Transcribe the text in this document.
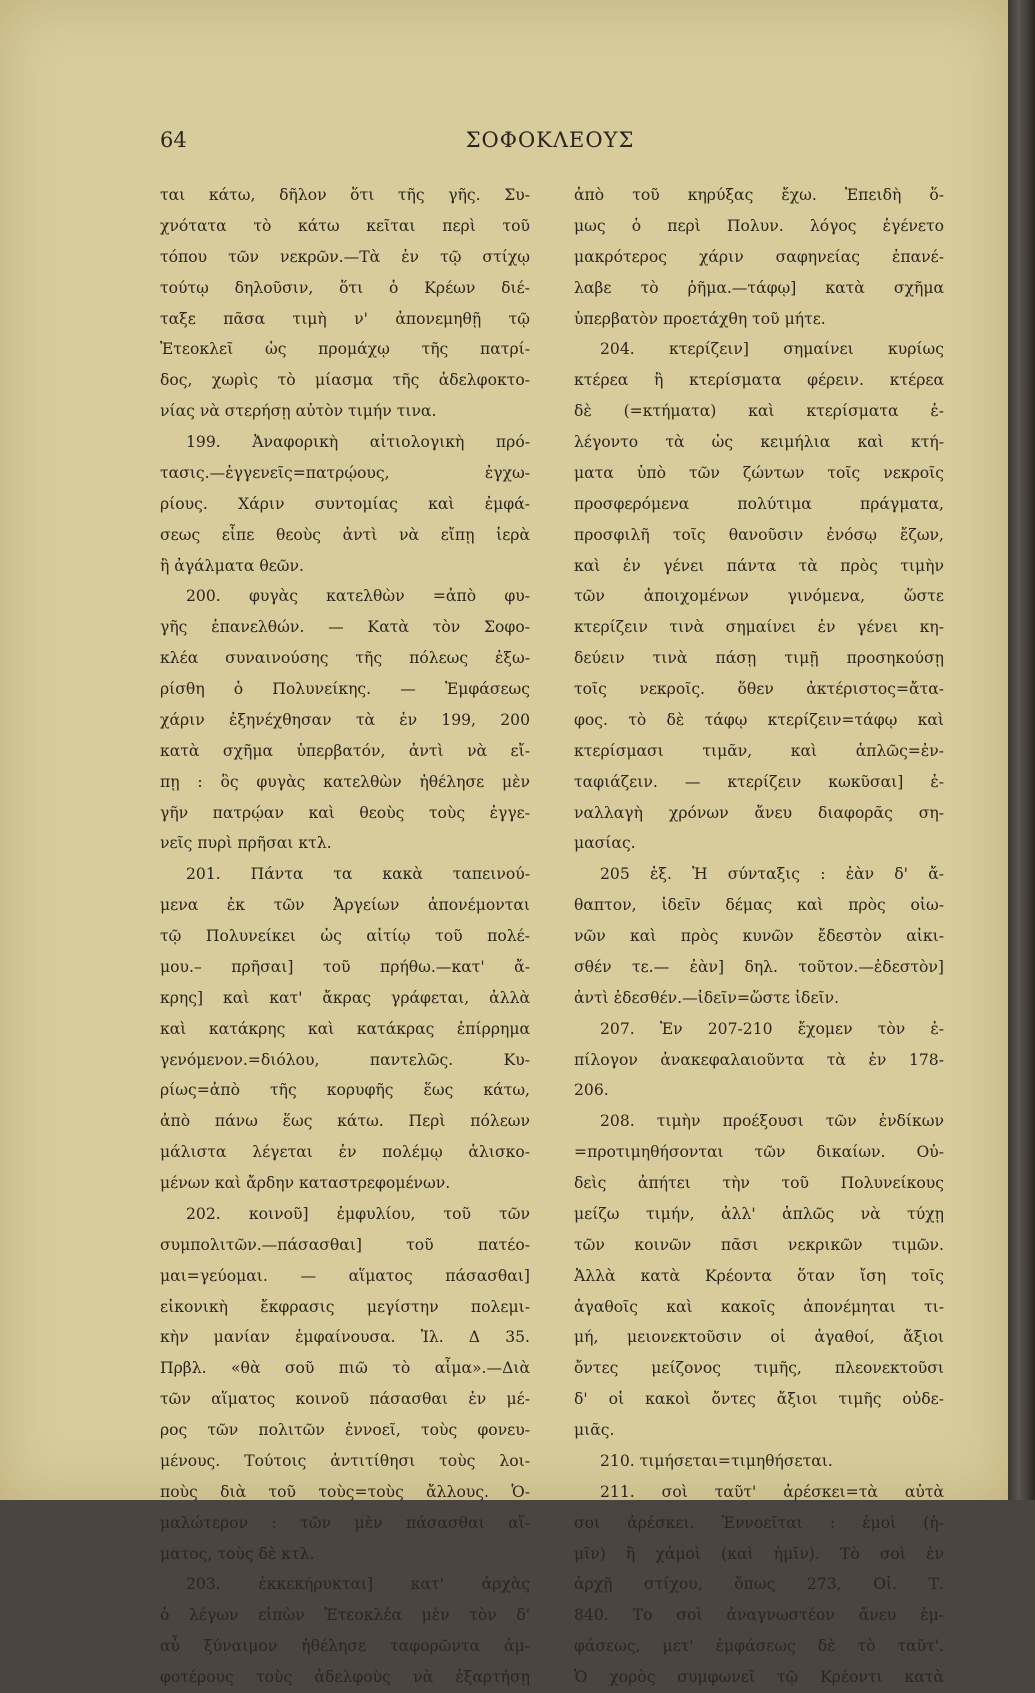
64	ΣΟΦΟΚΛΕΟΥΣ
ται κάτω, δῆλον ὅτι τῆς γῆς. Συ-
χνότατα τὸ κάτω κεῖται περὶ τοῦ
τόπου τῶν νεκρῶν.—Τὰ ἐν τῷ στίχῳ
τούτῳ δηλοῦσιν, ὅτι ὁ Κρέων διέ-
ταξε πᾶσα τιμὴ ν' ἀπονεμηθῇ τῷ
Ἐτεοκλεῖ ὡς προμάχῳ τῆς πατρί-
δος, χωρὶς τὸ μίασμα τῆς ἀδελφοκτο-
νίας νὰ στερήσῃ αὐτὸν τιμήν τινα.
199. Ἀναφορικὴ αἰτιολογικὴ πρό-
τασις.—ἐγγενεῖς=πατρῴους, ἐγχω-
ρίους. Χάριν συντομίας καὶ ἐμφά-
σεως εἶπε θεοὺς ἀντὶ νὰ εἴπῃ ἱερὰ
ἢ ἀγάλματα θεῶν.
200. φυγὰς κατελθὼν =ἀπὸ φυ-
γῆς ἐπανελθών. — Κατὰ τὸν Σοφο-
κλέα συναινούσης τῆς πόλεως ἐξω-
ρίσθη ὁ Πολυνείκης. — Ἐμφάσεως
χάριν ἐξηνέχθησαν τὰ ἐν 199, 200
κατὰ σχῆμα ὑπερβατόν, ἀντὶ νὰ εἴ-
πῃ : ὃς φυγὰς κατελθὼν ἠθέλησε μὲν
γῆν πατρῴαν καὶ θεοὺς τοὺς ἐγγε-
νεῖς πυρὶ πρῆσαι κτλ.
201. Πάντα τα κακὰ ταπεινού-
μενα ἐκ τῶν Ἀργείων ἀπονέμονται
τῷ Πολυνείκει ὡς αἰτίῳ τοῦ πολέ-
μου.– πρῆσαι] τοῦ πρήθω.—κατ' ἄ-
κρης] καὶ κατ' ἄκρας γράφεται, ἀλλὰ
καὶ κατάκρης καὶ κατάκρας ἐπίρρημα
γενόμενον.=διόλου, παντελῶς. Κυ-
ρίως=ἀπὸ τῆς κορυφῆς ἕως κάτω,
ἀπὸ πάνω ἕως κάτω. Περὶ πόλεων
μάλιστα λέγεται ἐν πολέμῳ ἁλισκο-
μένων καὶ ἄρδην καταστρεφομένων.
202. κοινοῦ] ἐμφυλίου, τοῦ τῶν
συμπολιτῶν.—πάσασθαι] τοῦ πατέο-
μαι=γεύομαι. — αἵματος πάσασθαι]
εἰκονικὴ ἔκφρασις μεγίστην πολεμι-
κὴν μανίαν ἐμφαίνουσα. Ἰλ. Δ 35.
Πρβλ. «θὰ σοῦ πιῶ τὸ αἷμα».—Διὰ
τῶν αἵματος κοινοῦ πάσασθαι ἐν μέ-
ρος τῶν πολιτῶν ἐννοεῖ, τοὺς φονευ-
μένους. Τούτοις ἀντιτίθησι τοὺς λοι-
ποὺς διὰ τοῦ τοὺς=τοὺς ἄλλους. Ὁ-
μαλώτερον : τῶν μὲν πάσασθαι αἵ-
ματος, τοὺς δὲ κτλ.
203. ἐκκεκήρυκται] κατ' ἀρχὰς
ὁ λέγων εἰπὼν Ἐτεοκλέα μὲν τὸν δ'
αὖ ξύναιμον ἠθέλησε ταφορῶντα ἀμ-
φοτέρους τοὺς ἀδελφοὺς νὰ ἐξαρτήσῃ
ἀπὸ τοῦ κηρύξας ἔχω. Ἐπειδὴ ὅ-
μως ὁ περὶ Πολυν. λόγος ἐγένετο
μακρότερος χάριν σαφηνείας ἐπανέ-
λαβε τὸ ῥῆμα.—τάφῳ] κατὰ σχῆμα
ὑπερβατὸν προετάχθη τοῦ μήτε.
204. κτερίζειν] σημαίνει κυρίως
κτέρεα ἢ κτερίσματα φέρειν. κτέρεα
δὲ (=κτήματα) καὶ κτερίσματα ἐ-
λέγοντο τὰ ὡς κειμήλια καὶ κτή-
ματα ὑπὸ τῶν ζώντων τοῖς νεκροῖς
προσφερόμενα πολύτιμα πράγματα,
προσφιλῆ τοῖς θανοῦσιν ἐνόσῳ ἔζων,
καὶ ἐν γένει πάντα τὰ πρὸς τιμὴν
τῶν ἀποιχομένων γινόμενα, ὥστε
κτερίζειν τινὰ σημαίνει ἐν γένει κη-
δεύειν τινὰ πάσῃ τιμῇ προσηκούσῃ
τοῖς νεκροῖς. ὅθεν ἀκτέριστος=ἄτα-
φος. τὸ δὲ τάφῳ κτερίζειν=τάφῳ καὶ
κτερίσμασι τιμᾶν, καὶ ἁπλῶς=ἐν-
ταφιάζειν. — κτερίζειν κωκῦσαι] ἐ-
ναλλαγὴ χρόνων ἄνευ διαφορᾶς ση-
μασίας.
205 ἑξ. Ἡ σύνταξις : ἐὰν δ' ἄ-
θαπτον, ἰδεῖν δέμας καὶ πρὸς οἰω-
νῶν καὶ πρὸς κυνῶν ἔδεστὸν αἰκι-
σθέν τε.— ἐὰν] δηλ. τοῦτον.—ἐδεστὸν]
ἀντὶ ἐδεσθέν.—ἰδεῖν=ὥστε ἰδεῖν.
207. Ἐν 207-210 ἔχομεν τὸν ἐ-
πίλογον ἀνακεφαλαιοῦντα τὰ ἐν 178-
206.
208. τιμὴν προέξουσι τῶν ἐνδίκων
=προτιμηθήσονται τῶν δικαίων. Οὐ-
δεὶς ἀπήτει τὴν τοῦ Πολυνείκους
μείζω τιμήν, ἀλλ' ἁπλῶς νὰ τύχῃ
τῶν κοινῶν πᾶσι νεκρικῶν τιμῶν.
Ἀλλὰ κατὰ Κρέοντα ὅταν ἴση τοῖς
ἀγαθοῖς καὶ κακοῖς ἀπονέμηται τι-
μή, μειονεκτοῦσιν οἱ ἀγαθοί, ἄξιοι
ὄντες μείζονος τιμῆς, πλεονεκτοῦσι
δ' οἱ κακοὶ ὄντες ἄξιοι τιμῆς οὐδε-
μιᾶς.
210. τιμήσεται=τιμηθήσεται.
211. σοὶ ταῦτ' ἀρέσκει=τὰ αὐτὰ
σοι ἀρέσκει. Ἐννοεῖται : ἐμοὶ (ἡ-
μῖν) ἢ χἀμοὶ (καὶ ἡμῖν). Τὸ σοὶ ἐν
ἀρχῇ στίχου, ὅπως 273, Οἰ. Τ.
840. Το σοὶ ἀναγνωστέον ἄνευ ἐμ-
φάσεως, μετ' ἐμφάσεως δὲ τὸ ταῦτ'.
Ὁ χορὸς συμφωνεῖ τῷ Κρέοντι κατὰ
